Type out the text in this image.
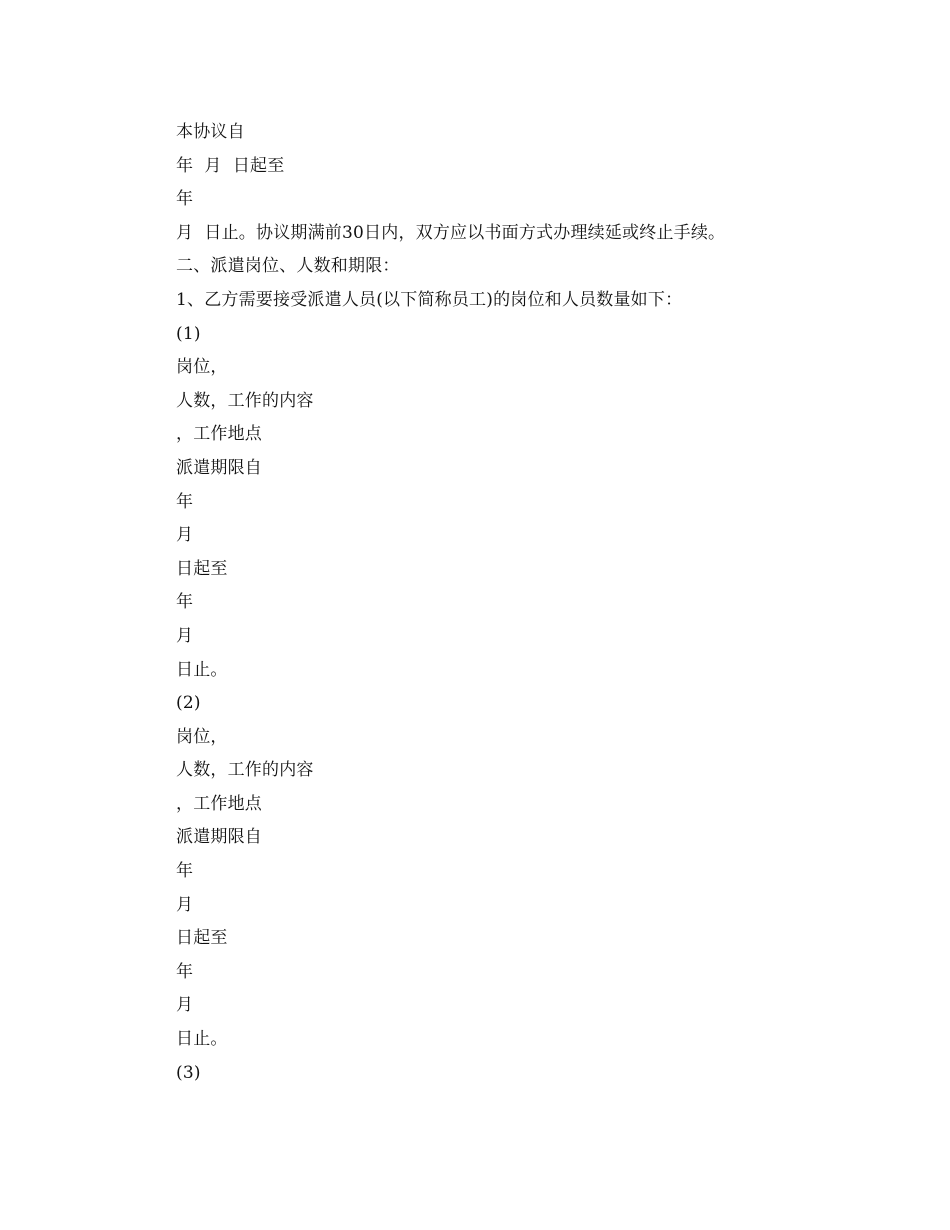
本协议自
年  月  日起至
年
月  日止。协议期满前30日内，双方应以书面方式办理续延或终止手续。
二、派遣岗位、人数和期限：
1、乙方需要接受派遣人员(以下简称员工)的岗位和人员数量如下：
(1)
岗位，
人数，工作的内容
，工作地点
派遣期限自
年
月
日起至
年
月
日止。
(2)
岗位，
人数，工作的内容
，工作地点
派遣期限自
年
月
日起至
年
月
日止。
(3)
